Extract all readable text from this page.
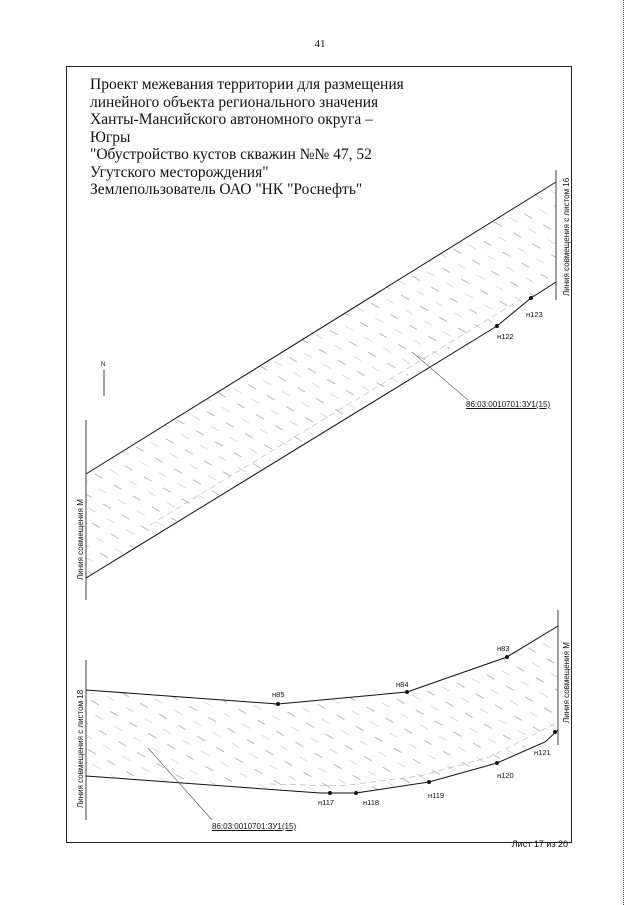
41
Проект межевания территории для размещения
линейного объекта регионального значения
Ханты-Мансийского автономного округа –
Югры
"Обустройство кустов скважин №№ 47, 52
Угутского месторождения"
Землепользователь ОАО "НК "Роснефть"
N
Линия совмещения с листом 16
Линия совмещения М
Линия совмещения с листом 18
Линия совмещения М
86:03:0010701:ЗУ1(15)
86:03:0010701:ЗУ1(15)
н122
н123
н85
н84
н83
н117	н118
н119
н120
н121
Лист 17 из 20
